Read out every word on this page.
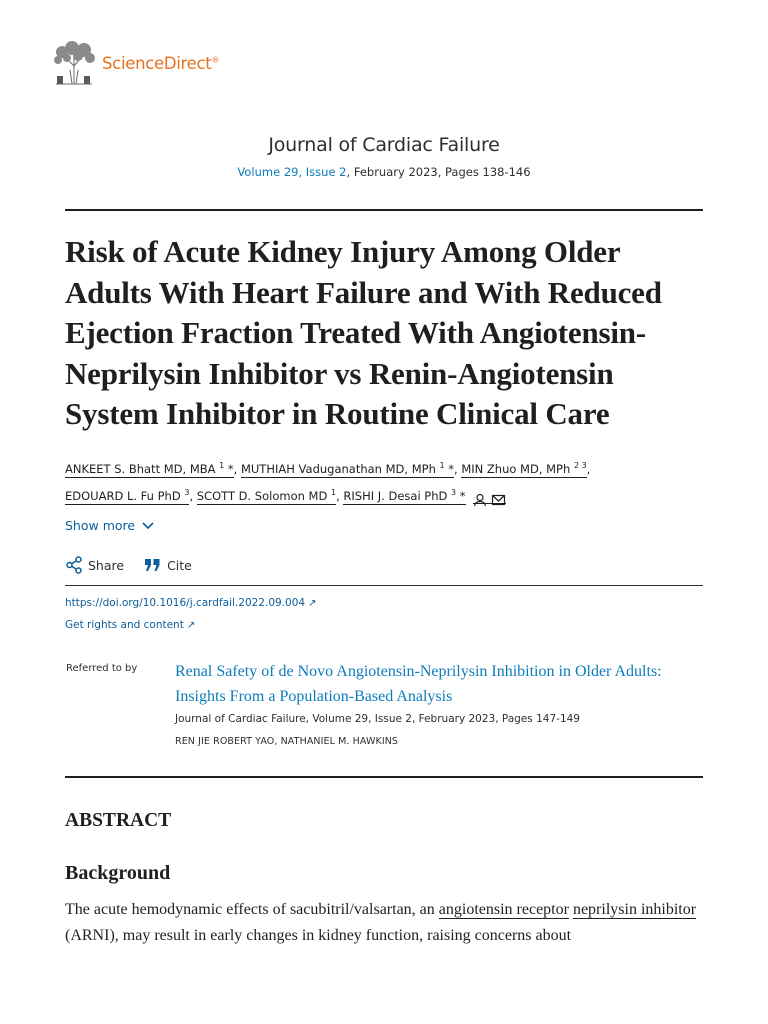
ScienceDirect®
Journal of Cardiac Failure
Volume 29, Issue 2, February 2023, Pages 138-146
Risk of Acute Kidney Injury Among Older
Adults With Heart Failure and With Reduced
Ejection Fraction Treated With Angiotensin-
Neprilysin Inhibitor vs Renin-Angiotensin
System Inhibitor in Routine Clinical Care
ANKEET S. Bhatt MD, MBA $^1$ *, MUTHIAH Vaduganathan MD, MPh $^1$ *, MIN Zhuo MD, MPh $^{2 3}$,
EDOUARD L. Fu PhD $^3$, SCOTT D. Solomon MD $^1$, RISHI J. Desai PhD $^3$ *
Show more
Share	Cite
https://doi.org/10.1016/j.cardfail.2022.09.004 ↗
Get rights and content ↗
Referred to by Renal Safety of de Novo Angiotensin-Neprilysin Inhibition in Older Adults:
Insights From a Population-Based Analysis
Journal of Cardiac Failure, Volume 29, Issue 2, February 2023, Pages 147-149
REN JIE ROBERT YAO, NATHANIEL M. HAWKINS
ABSTRACT
Background

The acute hemodynamic effects of sacubitril/valsartan, an angiotensin receptor neprilysin inhibitor (ARNI), may result in early changes in kidney function, raising concerns about
